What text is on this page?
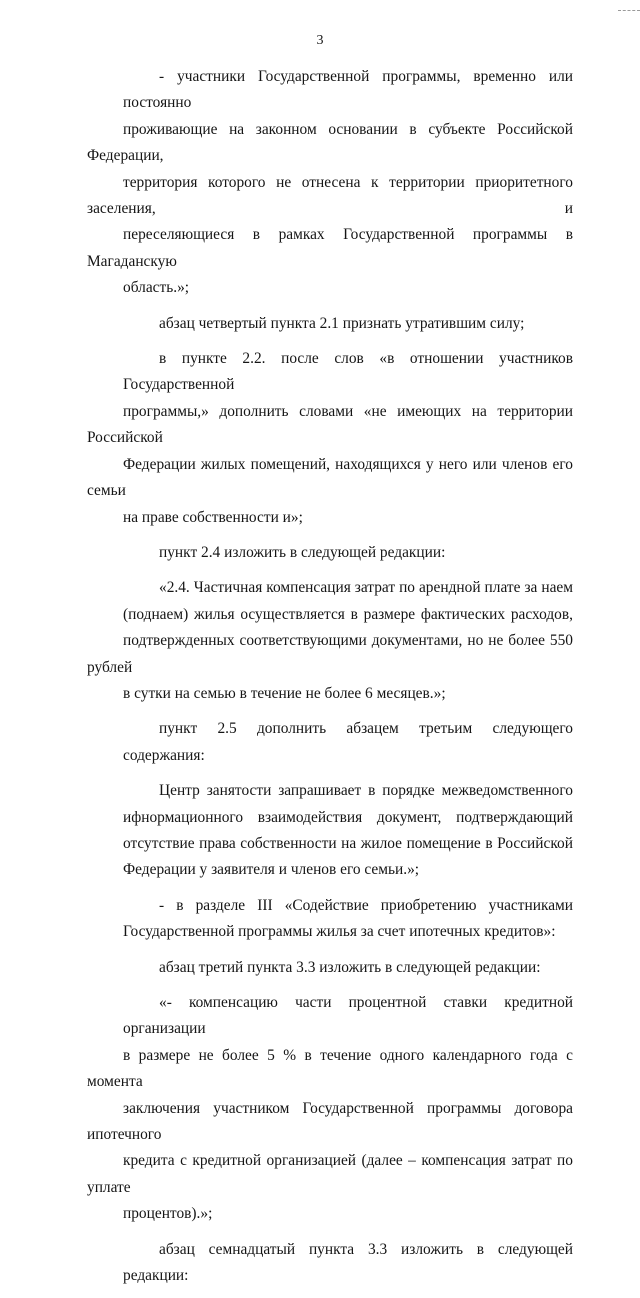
3
- участники Государственной программы, временно или постоянно
проживающие на законном основании в субъекте Российской Федерации,
территория которого не отнесена к территории приоритетного заселения, и
переселяющиеся в рамках Государственной программы в Магаданскую
область.»;
абзац четвертый пункта 2.1 признать утратившим силу;
в пункте 2.2. после слов «в отношении участников Государственной
программы,» дополнить словами «не имеющих на территории Российской
Федерации жилых помещений, находящихся у него или членов его семьи
на праве собственности и»;
пункт 2.4 изложить в следующей редакции:
«2.4. Частичная компенсация затрат по арендной плате за наем
(поднаем) жилья осуществляется в размере фактических расходов,
подтвержденных соответствующими документами, но не более 550 рублей
в сутки на семью в течение не более 6 месяцев.»;
пункт 2.5 дополнить абзацем третьим следующего содержания:
Центр занятости запрашивает в порядке межведомственного
ифнормационного взаимодействия документ, подтверждающий
отсутствие права собственности на жилое помещение в Российской
Федерации у заявителя и членов его семьи.»;
- в разделе III «Содействие приобретению участниками
Государственной программы жилья за счет ипотечных кредитов»:
абзац третий пункта 3.3 изложить в следующей редакции:
«- компенсацию части процентной ставки кредитной организации
в размере не более 5 % в течение одного календарного года с момента
заключения участником Государственной программы договора ипотечного
кредита с кредитной организацией (далее – компенсация затрат по уплате
процентов).»;
абзац семнадцатый пункта 3.3 изложить в следующей редакции:
